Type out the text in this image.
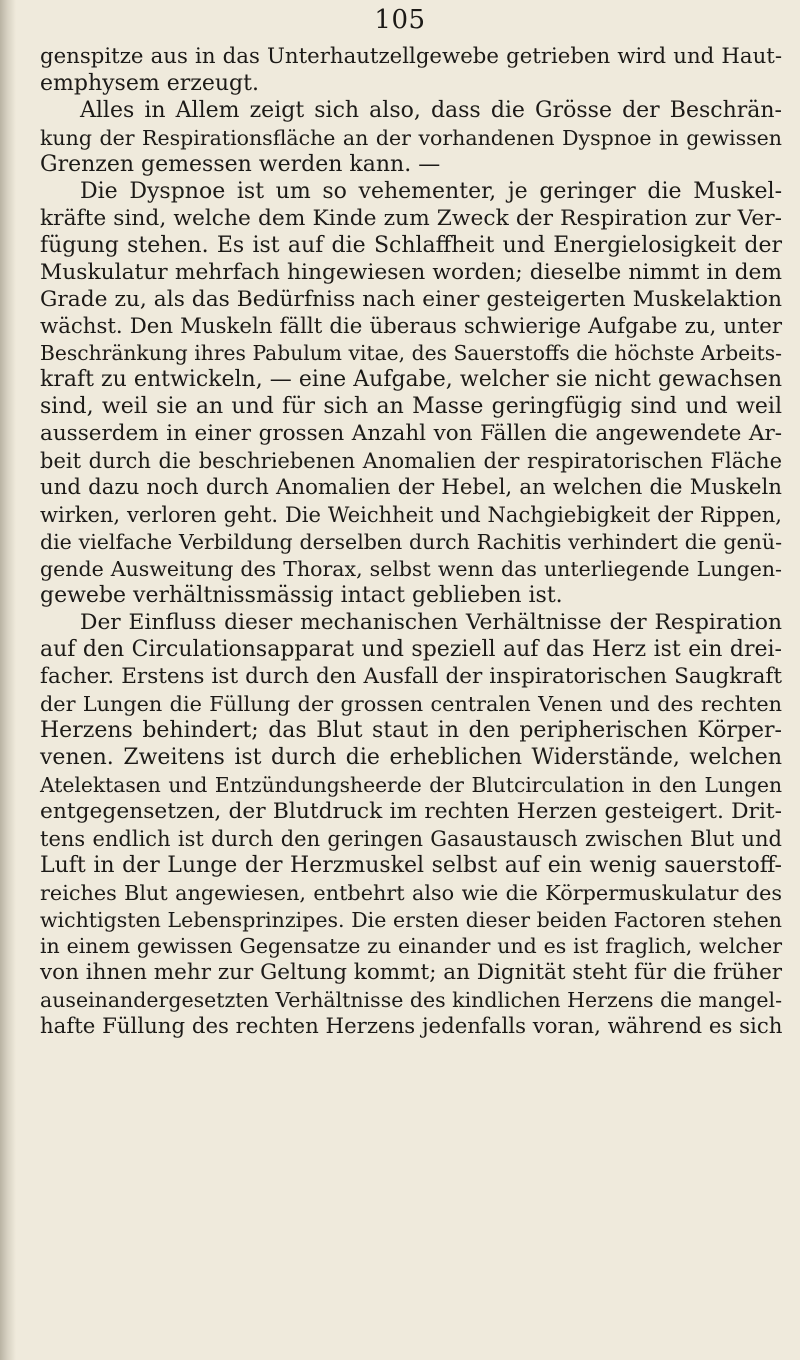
105
genspitze aus in das Unterhautzellgewebe getrieben wird und Haut-
emphysem erzeugt.
Alles in Allem zeigt sich also, dass die Grösse der Beschrän-
kung der Respirationsfläche an der vorhandenen Dyspnoe in gewissen
Grenzen gemessen werden kann. —
Die Dyspnoe ist um so vehementer, je geringer die Muskel-
kräfte sind, welche dem Kinde zum Zweck der Respiration zur Ver-
fügung stehen. Es ist auf die Schlaffheit und Energielosigkeit der
Muskulatur mehrfach hingewiesen worden; dieselbe nimmt in dem
Grade zu, als das Bedürfniss nach einer gesteigerten Muskelaktion
wächst. Den Muskeln fällt die überaus schwierige Aufgabe zu, unter
Beschränkung ihres Pabulum vitae, des Sauerstoffs die höchste Arbeits-
kraft zu entwickeln, — eine Aufgabe, welcher sie nicht gewachsen
sind, weil sie an und für sich an Masse geringfügig sind und weil
ausserdem in einer grossen Anzahl von Fällen die angewendete Ar-
beit durch die beschriebenen Anomalien der respiratorischen Fläche
und dazu noch durch Anomalien der Hebel, an welchen die Muskeln
wirken, verloren geht. Die Weichheit und Nachgiebigkeit der Rippen,
die vielfache Verbildung derselben durch Rachitis verhindert die genü-
gende Ausweitung des Thorax, selbst wenn das unterliegende Lungen-
gewebe verhältnissmässig intact geblieben ist.
Der Einfluss dieser mechanischen Verhältnisse der Respiration
auf den Circulationsapparat und speziell auf das Herz ist ein drei-
facher. Erstens ist durch den Ausfall der inspiratorischen Saugkraft
der Lungen die Füllung der grossen centralen Venen und des rechten
Herzens behindert; das Blut staut in den peripherischen Körper-
venen. Zweitens ist durch die erheblichen Widerstände, welchen
Atelektasen und Entzündungsheerde der Blutcirculation in den Lungen
entgegensetzen, der Blutdruck im rechten Herzen gesteigert. Drit-
tens endlich ist durch den geringen Gasaustausch zwischen Blut und
Luft in der Lunge der Herzmuskel selbst auf ein wenig sauerstoff-
reiches Blut angewiesen, entbehrt also wie die Körpermuskulatur des
wichtigsten Lebensprinzipes. Die ersten dieser beiden Factoren stehen
in einem gewissen Gegensatze zu einander und es ist fraglich, welcher
von ihnen mehr zur Geltung kommt; an Dignität steht für die früher
auseinandergesetzten Verhältnisse des kindlichen Herzens die mangel-
hafte Füllung des rechten Herzens jedenfalls voran, während es sich
